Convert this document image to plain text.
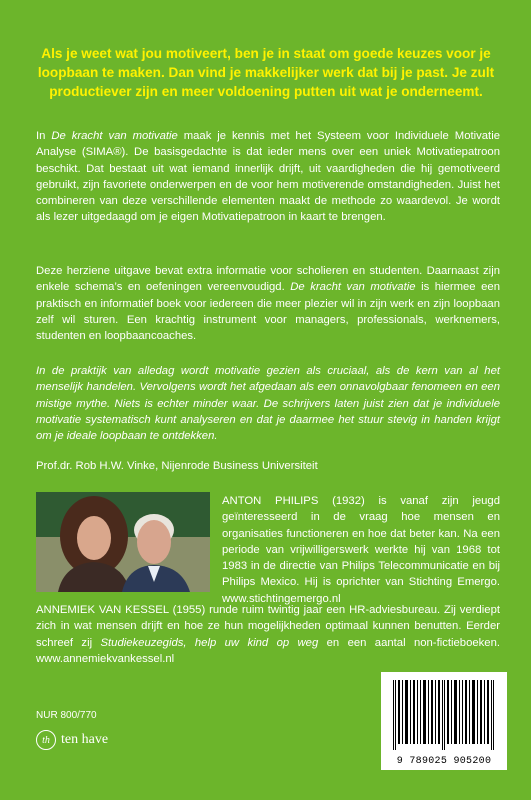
Als je weet wat jou motiveert, ben je in staat om goede keuzes voor je loopbaan te maken. Dan vind je makkelijker werk dat bij je past. Je zult productiever zijn en meer voldoening putten uit wat je onderneemt.

In De kracht van motivatie maak je kennis met het Systeem voor Individuele Motivatie Analyse (SIMA®). De basisgedachte is dat ieder mens over een uniek Motivatiepatroon beschikt. Dat bestaat uit wat iemand innerlijk drijft, uit vaardigheden die hij gemotiveerd gebruikt, zijn favoriete onderwerpen en de voor hem motiverende omstandigheden. Juist het combineren van deze verschillende elementen maakt de methode zo waardevol. Je wordt als lezer uitgedaagd om je eigen Motivatiepatroon in kaart te brengen.

Deze herziene uitgave bevat extra informatie voor scholieren en studenten. Daarnaast zijn enkele schema’s en oefeningen vereenvoudigd. De kracht van motivatie is hiermee een praktisch en informatief boek voor iedereen die meer plezier wil in zijn werk en zijn loopbaan zelf wil sturen. Een krachtig instrument voor managers, professionals, werknemers, studenten en loopbaancoaches.

In de praktijk van alledag wordt motivatie gezien als cruciaal, als de kern van al het menselijk handelen. Vervolgens wordt het afgedaan als een onnavolgbaar fenomeen en een mistige mythe. Niets is echter minder waar. De schrijvers laten juist zien dat je individuele motivatie systematisch kunt analyseren en dat je daarmee het stuur stevig in handen krijgt om je ideale loopbaan te ontdekken.

Prof.dr. Rob H.W. Vinke, Nijenrode Business Universiteit

ANTON PHILIPS (1932) is vanaf zijn jeugd geïnteresseerd in de vraag hoe mensen en organisaties functioneren en hoe dat beter kan. Na een periode van vrijwilligerswerk werkte hij van 1968 tot 1983 in de directie van Philips Telecommunicatie en bij Philips Mexico. Hij is oprichter van Stichting Emergo. www.stichtingemergo.nl

ANNEMIEK VAN KESSEL (1955) runde ruim twintig jaar een HR-adviesbureau. Zij verdiept zich in wat mensen drijft en hoe ze hun mogelijkheden optimaal kunnen benutten. Eerder schreef zij Studiekeuzegids, help uw kind op weg en een aantal non-fictieboeken. www.annemiekvankessel.nl

NUR 800/770

th ten have
9 789025 905200
